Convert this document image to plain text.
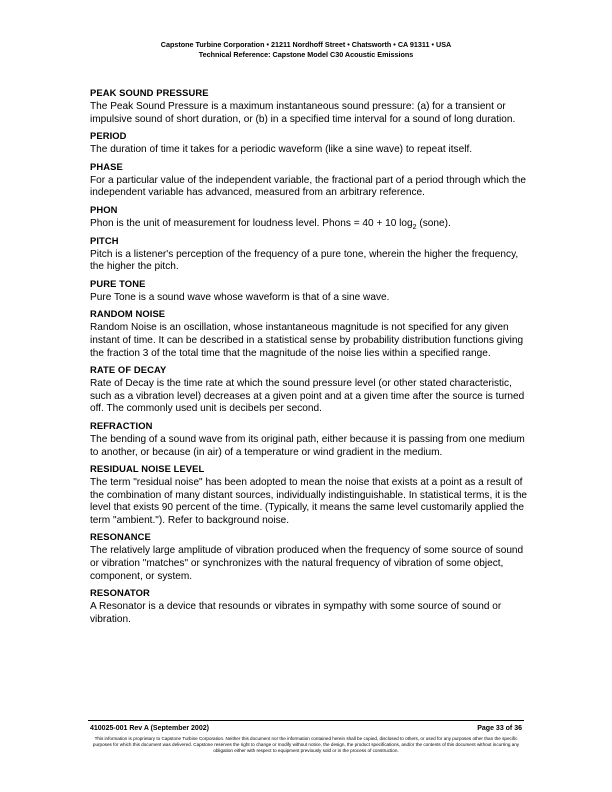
Capstone Turbine Corporation • 21211 Nordhoff Street • Chatsworth • CA 91311 • USA
Technical Reference: Capstone Model C30 Acoustic Emissions
PEAK SOUND PRESSURE

The Peak Sound Pressure is a maximum instantaneous sound pressure: (a) for a transient or impulsive sound of short duration, or (b) in a specified time interval for a sound of long duration.

PERIOD

The duration of time it takes for a periodic waveform (like a sine wave) to repeat itself.

PHASE

For a particular value of the independent variable, the fractional part of a period through which the independent variable has advanced, measured from an arbitrary reference.

PHON

Phon is the unit of measurement for loudness level. Phons = 40 + 10 $\log_2$ (sone).

PITCH

Pitch is a listener's perception of the frequency of a pure tone, wherein the higher the frequency, the higher the pitch.

PURE TONE

Pure Tone is a sound wave whose waveform is that of a sine wave.

RANDOM NOISE

Random Noise is an oscillation, whose instantaneous magnitude is not specified for any given instant of time. It can be described in a statistical sense by probability distribution functions giving the fraction 3 of the total time that the magnitude of the noise lies within a specified range.

RATE OF DECAY

Rate of Decay is the time rate at which the sound pressure level (or other stated characteristic, such as a vibration level) decreases at a given point and at a given time after the source is turned off. The commonly used unit is decibels per second.

REFRACTION

The bending of a sound wave from its original path, either because it is passing from one medium to another, or because (in air) of a temperature or wind gradient in the medium.

RESIDUAL NOISE LEVEL

The term "residual noise" has been adopted to mean the noise that exists at a point as a result of the combination of many distant sources, individually indistinguishable. In statistical terms, it is the level that exists 90 percent of the time. (Typically, it means the same level customarily applied the term "ambient."). Refer to background noise.

RESONANCE

The relatively large amplitude of vibration produced when the frequency of some source of sound or vibration "matches" or synchronizes with the natural frequency of vibration of some object, component, or system.

RESONATOR

A Resonator is a device that resounds or vibrates in sympathy with some source of sound or vibration.

410025-001 Rev A (September 2002)	Page 33 of 36
This information is proprietary to Capstone Turbine Corporation. Neither this document nor the information contained herein shall be copied, disclosed to others, or used for any purposes other than the specific purposes for which this document was delivered. Capstone reserves the right to change or modify without notice, the design, the product specifications, and/or the contents of this document without incurring any obligation either with respect to equipment previously sold or in the process of construction.
